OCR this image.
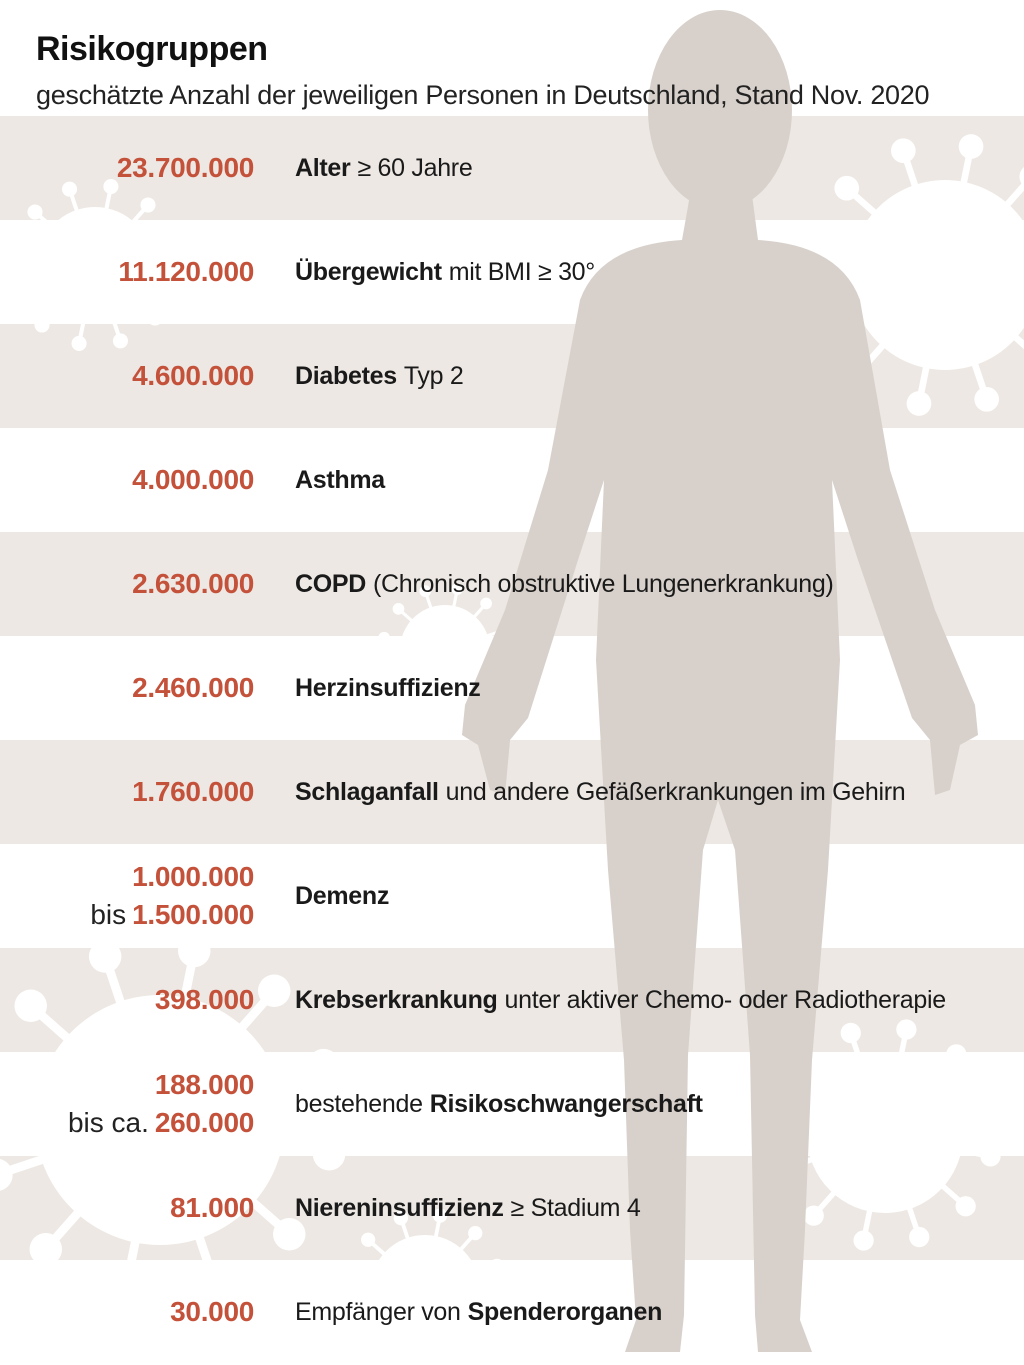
Risikogruppen

geschätzte Anzahl der jeweiligen Personen in Deutschland, Stand Nov. 2020

23.700.000 Alter ≥ 60 Jahre
11.120.000 Übergewicht mit BMI ≥ 30°
4.600.000 Diabetes Typ 2
4.000.000 Asthma
2.630.000 COPD (Chronisch obstruktive Lungenerkrankung)
2.460.000 Herzinsuffizienz
1.760.000 Schlaganfall und andere Gefäßerkrankungen im Gehirn
1.000.000
bis 1.500.000
Demenz
398.000 Krebserkrankung unter aktiver Chemo- oder Radiotherapie
188.000
bis ca. 260.000
bestehende Risikoschwangerschaft
81.000 Niereninsuffizienz ≥ Stadium 4
30.000 Empfänger von Spenderorganen
